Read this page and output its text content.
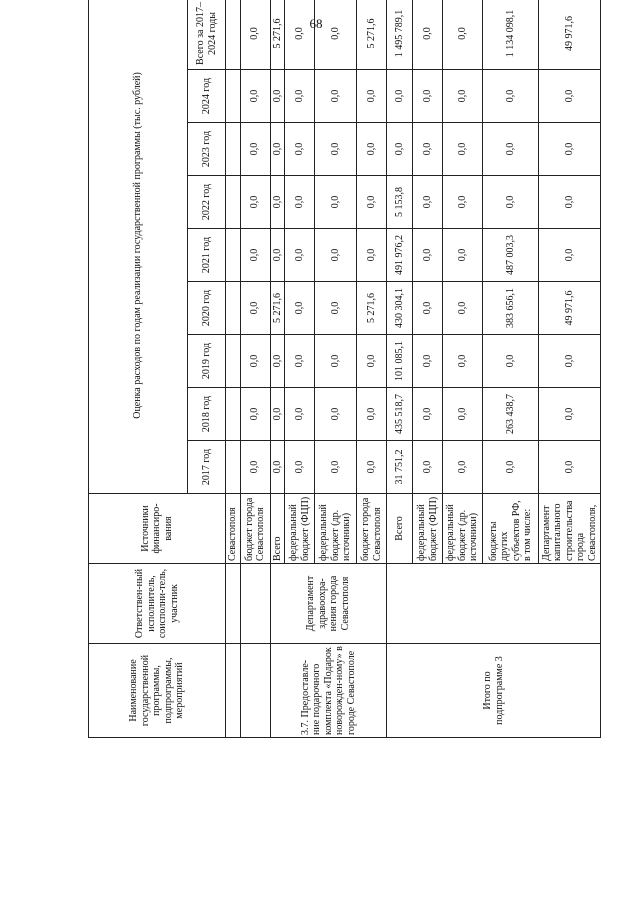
68
Наименование государственной программы, подпрограммы, мероприятий	Ответствен-ный исполнитель, соисполни-тель, участник	Источники финансиро-вания	Оценка расходов по годам реализации государственной программы (тыс. рублей)								
			2017 год	2018 год	2019 год	2020 год	2021 год	2022 год	2023 год	2024 год	Всего за 2017–2024 годы
		Севастополя									
		бюджет города Севастополя	0,0	0,0	0,0	0,0	0,0	0,0	0,0	0,0	0,0
3.7. Предоставле-ние подарочного комплекта «Подарок новорожден-ному» в городе Севастополе	Департамент здравоохра-нения города Севастополя	Всего	0,0	0,0	0,0	5 271,6	0,0	0,0	0,0	0,0	5 271,6
		федеральный бюджет (ФЦП)	0,0	0,0	0,0	0,0	0,0	0,0	0,0	0,0	0,0
		федеральный бюджет (др. источники)	0,0	0,0	0,0	0,0	0,0	0,0	0,0	0,0	0,0
		бюджет города Севастополя	0,0	0,0	0,0	5 271,6	0,0	0,0	0,0	0,0	5 271,6
Итого по подпрограмме 3		Всего	31 751,2	435 518,7	101 085,1	430 304,1	491 976,2	5 153,8	0,0	0,0	1 495 789,1
		федеральный бюджет (ФЦП)	0,0	0,0	0,0	0,0	0,0	0,0	0,0	0,0	0,0
		федеральный бюджет (др. источники)	0,0	0,0	0,0	0,0	0,0	0,0	0,0	0,0	0,0
		бюджеты других субъектов РФ, в том числе:	0,0	263 438,7	0,0	383 656,1	487 003,3	0,0	0,0	0,0	1 134 098,1
		Департамент капитального строительства города Севастополя,	0,0	0,0	0,0	49 971,6	0,0	0,0	0,0	0,0	49 971,6
